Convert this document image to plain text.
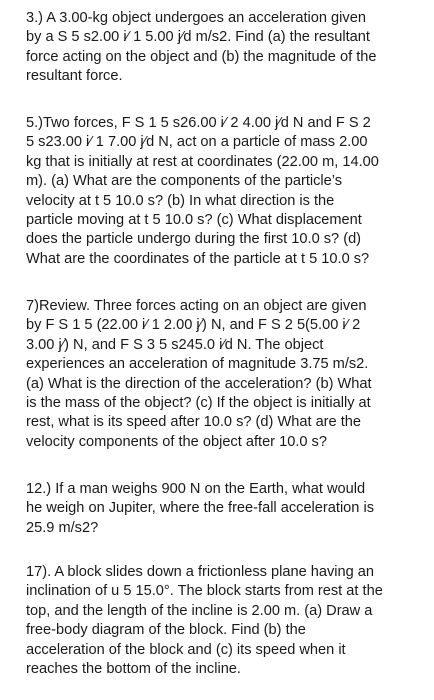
3.) A 3.00-kg object undergoes an acceleration given
by a S 5 s2.00 i⁄ 1 5.00 j⁄d m/s2. Find (a) the resultant
force acting on the object and (b) the magnitude of the
resultant force.
5.)Two forces, F S 1 5 s26.00 i⁄ 2 4.00 j⁄d N and F S 2
5 s23.00 i⁄ 1 7.00 j⁄d N, act on a particle of mass 2.00
kg that is initially at rest at coordinates (22.00 m, 14.00
m). (a) What are the components of the particle’s
velocity at t 5 10.0 s? (b) In what direction is the
particle moving at t 5 10.0 s? (c) What displacement
does the particle undergo during the first 10.0 s? (d)
What are the coordinates of the particle at t 5 10.0 s?
7)Review. Three forces acting on an object are given
by F S 1 5 (22.00 i⁄ 1 2.00 j⁄) N, and F S 2 5(5.00 i⁄ 2
3.00 j⁄) N, and F S 3 5 s245.0 i⁄d N. The object
experiences an acceleration of magnitude 3.75 m/s2.
(a) What is the direction of the acceleration? (b) What
is the mass of the object? (c) If the object is initially at
rest, what is its speed after 10.0 s? (d) What are the
velocity components of the object after 10.0 s?
12.) If a man weighs 900 N on the Earth, what would
he weigh on Jupiter, where the free-fall acceleration is
25.9 m/s2?
17). A block slides down a frictionless plane having an
inclination of u 5 15.0°. The block starts from rest at the
top, and the length of the incline is 2.00 m. (a) Draw a
free-body diagram of the block. Find (b) the
acceleration of the block and (c) its speed when it
reaches the bottom of the incline.
